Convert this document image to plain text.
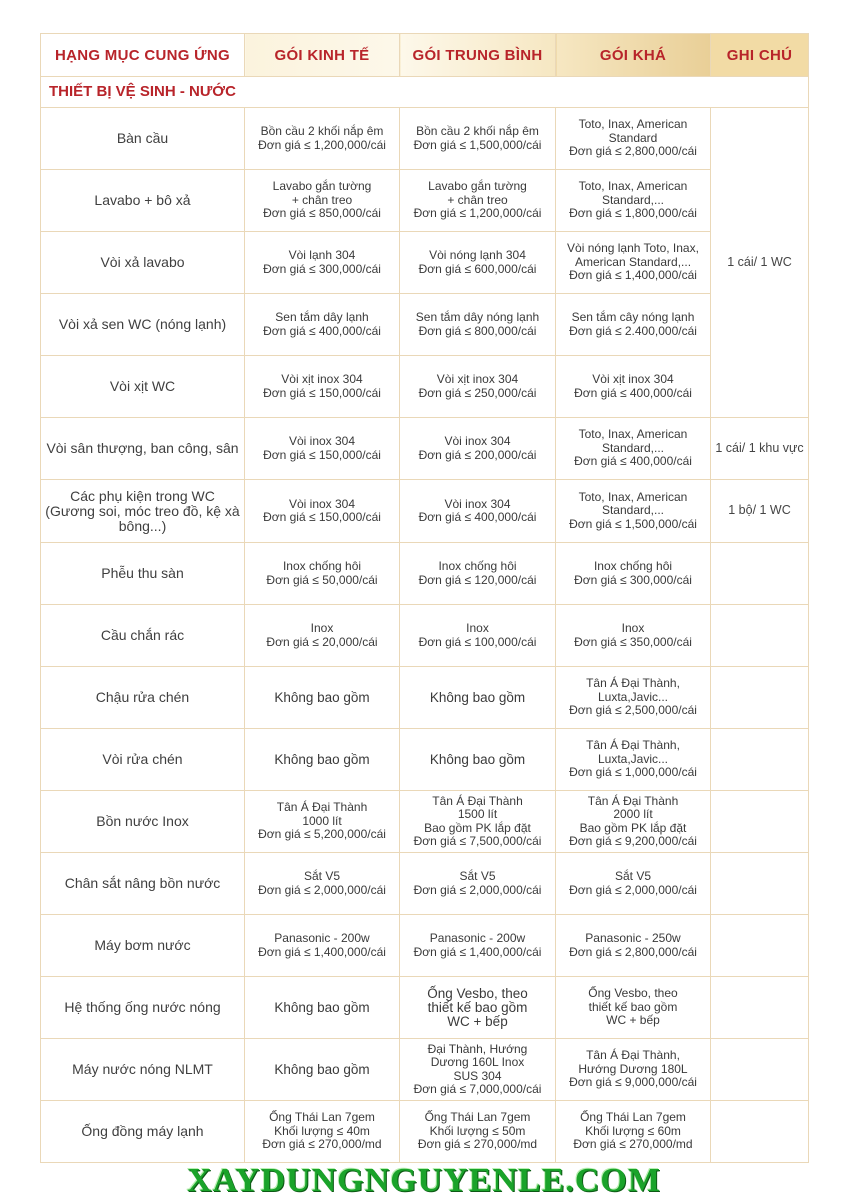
HẠNG MỤC CUNG ỨNG	GÓI KINH TẾ	GÓI TRUNG BÌNH	GÓI KHÁ	GHI CHÚ
THIẾT BỊ VỆ SINH - NƯỚC				
Bàn cầu	Bồn cầu 2 khối nắp êm
Đơn giá ≤ 1,200,000/cái	Bồn cầu 2 khối nắp êm
Đơn giá ≤ 1,500,000/cái	Toto, Inax, American
Standard
Đơn giá ≤ 2,800,000/cái	1 cái/ 1 WC
Lavabo + bô xả	Lavabo gắn tường
+ chân treo
Đơn giá ≤ 850,000/cái	Lavabo gắn tường
+ chân treo
Đơn giá ≤ 1,200,000/cái	Toto, Inax, American
Standard,...
Đơn giá ≤ 1,800,000/cái	

Vòi xả lavabo	Vòi lạnh 304
Đơn giá ≤ 300,000/cái	Vòi nóng lạnh 304
Đơn giá ≤ 600,000/cái	Vòi nóng lạnh Toto, Inax,
American Standard,...
Đơn giá ≤ 1,400,000/cái	

Vòi xả sen WC (nóng lạnh)	Sen tắm dây lạnh
Đơn giá ≤ 400,000/cái	Sen tắm dây nóng lạnh
Đơn giá ≤ 800,000/cái	Sen tắm cây nóng lạnh
Đơn giá ≤ 2.400,000/cái	

Vòi xịt WC	Vòi xịt inox 304
Đơn giá ≤ 150,000/cái	Vòi xịt inox 304
Đơn giá ≤ 250,000/cái	Vòi xịt inox 304
Đơn giá ≤ 400,000/cái	

Vòi sân thượng, ban công, sân	Vòi inox 304
Đơn giá ≤ 150,000/cái	Vòi inox 304
Đơn giá ≤ 200,000/cái	Toto, Inax, American
Standard,...
Đơn giá ≤ 400,000/cái	1 cái/ 1 khu vực
Các phụ kiện trong WC (Gương soi, móc treo đồ, kệ xà bông...)	Vòi inox 304
Đơn giá ≤ 150,000/cái	Vòi inox 304
Đơn giá ≤ 400,000/cái	Toto, Inax, American
Standard,...
Đơn giá ≤ 1,500,000/cái	1 bộ/ 1 WC
Phễu thu sàn	Inox chống hôi
Đơn giá ≤ 50,000/cái	Inox chống hôi
Đơn giá ≤ 120,000/cái	Inox chống hôi
Đơn giá ≤ 300,000/cái	

Cầu chắn rác	Inox
Đơn giá ≤ 20,000/cái	Inox
Đơn giá ≤ 100,000/cái	Inox
Đơn giá ≤ 350,000/cái	

Chậu rửa chén	Không bao gồm	Không bao gồm	Tân Á Đại Thành,
Luxta,Javic...
Đơn giá ≤ 2,500,000/cái	

Vòi rửa chén	Không bao gồm	Không bao gồm	Tân Á Đại Thành,
Luxta,Javic...
Đơn giá ≤ 1,000,000/cái	

Bồn nước Inox	Tân Á Đại Thành
1000 lít
Đơn giá ≤ 5,200,000/cái	Tân Á Đại Thành
1500 lít
Bao gồm PK lắp đặt
Đơn giá ≤ 7,500,000/cái	Tân Á Đại Thành
2000 lít
Bao gồm PK lắp đặt
Đơn giá ≤ 9,200,000/cái	

Chân sắt nâng bồn nước	Sắt V5
Đơn giá ≤ 2,000,000/cái	Sắt V5
Đơn giá ≤ 2,000,000/cái	Sắt V5
Đơn giá ≤ 2,000,000/cái	

Máy bơm nước	Panasonic - 200w
Đơn giá ≤ 1,400,000/cái	Panasonic - 200w
Đơn giá ≤ 1,400,000/cái	Panasonic - 250w
Đơn giá ≤ 2,800,000/cái	

Hệ thống ống nước nóng	Không bao gồm	Ống Vesbo, theo
thiết kế bao gồm
WC + bếp	Ống Vesbo, theo
thiết kế bao gồm
WC + bếp	

Máy nước nóng NLMT	Không bao gồm	Đại Thành, Hướng
Dương 160L Inox
SUS 304
Đơn giá ≤ 7,000,000/cái	Tân Á Đại Thành,
Hướng Dương 180L
Đơn giá ≤ 9,000,000/cái	

Ống đồng máy lạnh	Ống Thái Lan 7gem
Khối lượng ≤ 40m
Đơn giá ≤ 270,000/md	Ống Thái Lan 7gem
Khối lượng ≤ 50m
Đơn giá ≤ 270,000/md	Ống Thái Lan 7gem
Khối lượng ≤ 60m
Đơn giá ≤ 270,000/md	

XAYDUNGNGUYENLE.COM
